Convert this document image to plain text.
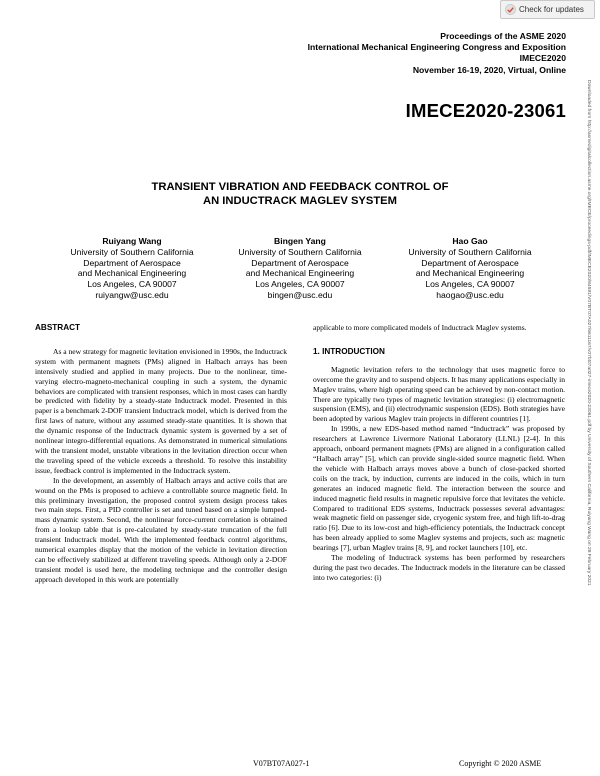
Check for updates
Proceedings of the ASME 2020
International Mechanical Engineering Congress and Exposition
IMECE2020
November 16-19, 2020, Virtual, Online
IMECE2020-23061
TRANSIENT VIBRATION AND FEEDBACK CONTROL OF
AN INDUCTRACK MAGLEV SYSTEM
Ruiyang Wang
University of Southern California
Department of Aerospace
and Mechanical Engineering
Los Angeles, CA 90007
ruiyangw@usc.edu
Bingen Yang
University of Southern California
Department of Aerospace
and Mechanical Engineering
Los Angeles, CA 90007
bingen@usc.edu
Hao Gao
University of Southern California
Department of Aerospace
and Mechanical Engineering
Los Angeles, CA 90007
haogao@usc.edu
ABSTRACT

As a new strategy for magnetic levitation envisioned in 1990s, the Inductrack system with permanent magnets (PMs) aligned in Halbach arrays has been intensively studied and applied in many projects. Due to the nonlinear, time-varying electro-magneto-mechanical coupling in such a system, the dynamic behaviors are complicated with transient responses, which in most cases can hardly be predicted with fidelity by a steady-state Inductrack model. Presented in this paper is a benchmark 2-DOF transient Inductrack model, which is derived from the first laws of nature, without any assumed steady-state quantities. It is shown that the dynamic response of the Inductrack dynamic system is governed by a set of nonlinear integro-differential equations. As demonstrated in numerical simulations with the transient model, unstable vibrations in the levitation direction occur when the traveling speed of the vehicle exceeds a threshold. To resolve this instability issue, feedback control is implemented in the Inductrack system.

In the development, an assembly of Halbach arrays and active coils that are wound on the PMs is proposed to achieve a controllable source magnetic field. In this preliminary investigation, the proposed control system design process takes two main steps. First, a PID controller is set and tuned based on a simple lumped-mass dynamic system. Second, the nonlinear force-current correlation is obtained from a lookup table that is pre-calculated by steady-state truncation of the full transient Inductrack model. With the implemented feedback control algorithms, numerical examples display that the motion of the vehicle in levitation direction can be effectively stabilized at different traveling speeds. Although only a 2-DOF transient model is used here, the modeling technique and the controller design approach developed in this work are potentially

applicable to more complicated models of Inductrack Maglev systems.

1. INTRODUCTION

Magnetic levitation refers to the technology that uses magnetic force to overcome the gravity and to suspend objects. It has many applications especially in Maglev trains, where high operating speed can be achieved by non-contact motion. There are typically two types of magnetic levitation strategies: (i) electromagnetic suspension (EMS), and (ii) electrodynamic suspension (EDS). Both strategies have been adopted by various Maglev train projects in different countries [1].

In 1990s, a new EDS-based method named “Inductrack” was proposed by researchers at Lawrence Livermore National Laboratory (LLNL) [2-4]. In this approach, onboard permanent magnets (PMs) are aligned in a configuration called “Halbach array” [5], which can provide single-sided source magnetic field. When the vehicle with Halbach arrays moves above a bunch of close-packed shorted coils on the track, by induction, currents are induced in the coils, which in turn generates an induced magnetic field. The interaction between the source and induced magnetic field results in magnetic repulsive force that levitates the vehicle. Compared to traditional EDS systems, Inductrack possesses several advantages: weak magnetic field on passenger side, cryogenic system free, and high lift-to-drag ratio [6]. Due to its low-cost and high-efficiency potentials, the Inductrack concept has been already applied to some Maglev systems and projects, such as: magnetic bearings [7], urban Maglev trains [8, 9], and rocket launchers [10], etc.

The modeling of Inductrack systems has been performed by researchers during the past two decades. The Inductrack models in the literature can be classed into two categories: (i)

V07BT07A027-1	Copyright © 2020 ASME
Downloaded from http://asmedigitalcollection.asme.org/IMECE/proceedings-pdf/IMECE2020/84591/V07BT07A027/6611167/v07bt07a027-imece2020-23061.pdf by University of Southern California, Ruiyang Wang on 28 February 2021
